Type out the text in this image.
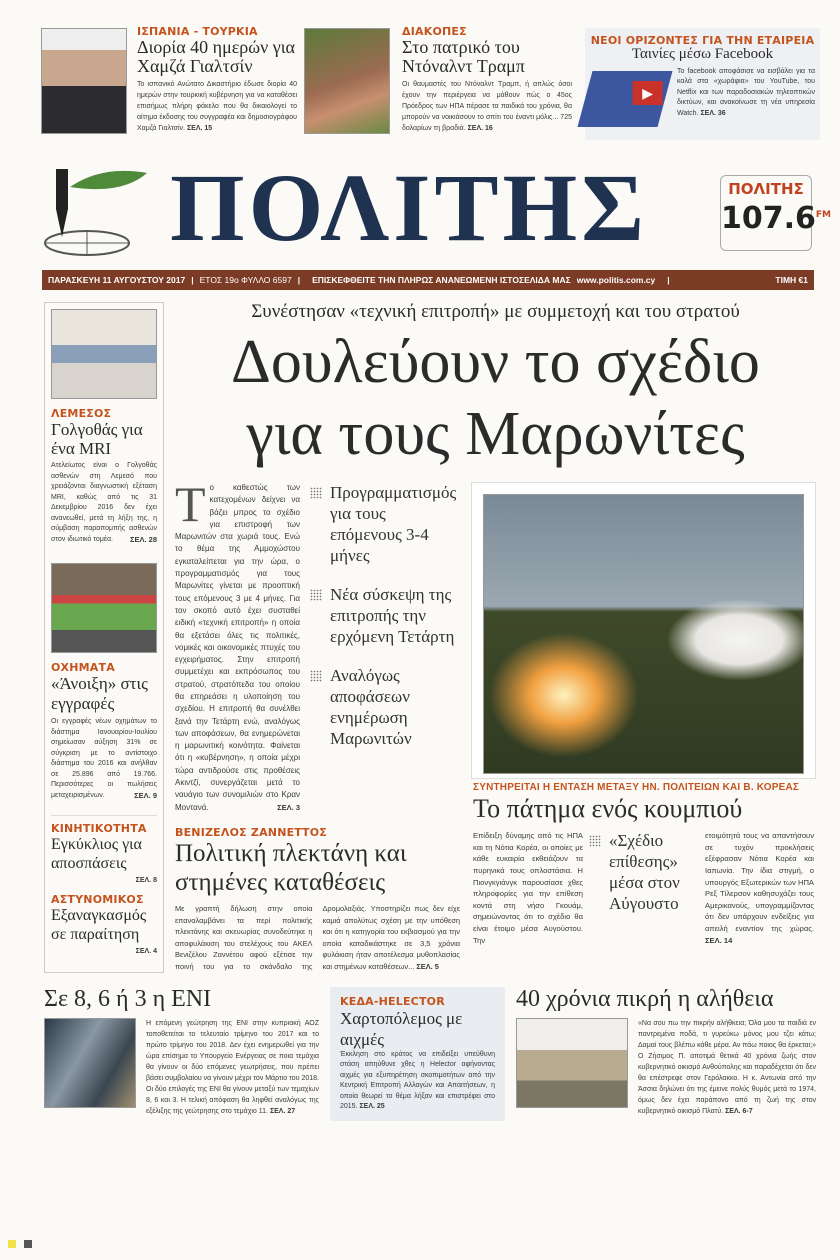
ΙΣΠΑΝΙΑ - ΤΟΥΡΚΙΑ
Διορία 40 ημερών για Χαμζά Γιαλτσίν
Το ισπανικό Ανώτατο Δικαστήριο έδωσε διορία 40 ημερών στην τουρκική κυβέρνηση για να καταθέσει επισήμως πλήρη φάκελο που θα δικαιολογεί το αίτημα έκδοσης του συγγραφέα και δημοσιογράφου Χαμζά Γιαλτσίν. ΣΕΛ. 15
ΔΙΑΚΟΠΕΣ
Στο πατρικό του Ντόναλντ Τραμπ
Οι θαυμαστές του Ντόναλντ Τραμπ, ή απλώς όσοι έχουν την περιέργεια να μάθουν πώς ο 45ος Πρόεδρος των ΗΠΑ πέρασε τα παιδικά του χρόνια, θα μπορούν να νοικιάσουν το σπίτι του έναντι μόλις... 725 δολαρίων τη βραδιά. ΣΕΛ. 16
ΝΕΟΙ ΟΡΙΖΟΝΤΕΣ ΓΙΑ ΤΗΝ ΕΤΑΙΡΕΙΑ
Ταινίες μέσω Facebook
▶
Το facebook αποφάσισε να εισβάλει για τα καλά στα «χωράφια» του YouTube, του Netflix και των παραδοσιακών τηλεοπτικών δικτύων, και ανακοίνωσε τη νέα υπηρεσία Watch. ΣΕΛ. 36
ΠΟΛΙΤΗΣ	ΠΟΛΙΤΗΣ
$107.6^{FM}$
ΠΑΡΑΣΚΕΥΗ 11 ΑΥΓΟΥΣΤΟΥ 2017 | ΕΤΟΣ 19ο ΦΥΛΛΟ 6597 | ΕΠΙΣΚΕΦΘΕΙΤΕ ΤΗΝ ΠΛΗΡΩΣ ΑΝΑΝΕΩΜΕΝΗ ΙΣΤΟΣΕΛΙΔΑ ΜΑΣ www.politis.com.cy |	ΤΙΜΗ €1
ΛΕΜΕΣΟΣ
Γολγοθάς για ένα MRI
Ατελείωτος είναι ο Γολγοθάς ασθενών στη Λεμεσό που χρειάζονται διαγνωστική εξέταση MRI, καθώς από τις 31 Δεκεμβρίου 2016 δεν έχει ανανεωθεί, μετά τη λήξη της, η σύμβαση παραπομπής ασθενών στον ιδιωτικό τομέα. ΣΕΛ. 28
ΟΧΗΜΑΤΑ
«Άνοιξη» στις εγγραφές
Οι εγγραφές νέων οχημάτων το διάστημα Ιανουαρίου-Ιουλίου σημείωσαν αύξηση 31% σε σύγκριση με το αντίστοιχο διάστημα του 2016 και ανήλθαν σε 25.896 από 19.766. Περισσότερες οι πωλήσεις μεταχειρισμένων.	ΣΕΛ. 9
ΚΙΝΗΤΙΚΟΤΗΤΑ
Εγκύκλιος για αποσπάσεις
ΣΕΛ. 8
ΑΣΤΥΝΟΜΙΚΟΣ
Εξαναγκασμός σε παραίτηση
ΣΕΛ. 4
Συνέστησαν «τεχνική επιτροπή» με συμμετοχή και του στρατού
Δουλεύουν το σχέδιο
για τους Μαρωνίτες
Το καθεστώς των κατεχομένων δείχνει να βάζει μπρος το σχέδιο για επιστροφή των Μαρωνιτών στα χωριά τους. Ενώ το θέμα της Αμμοχώστου εγκαταλείπεται για την ώρα, ο προγραμματισμός για τους Μαρωνίτες γίνεται με προοπτική τους επόμενους 3 με 4 μήνες. Για τον σκοπό αυτό έχει συσταθεί ειδική «τεχνική επιτροπή» η οποία θα εξετάσει όλες τις πολιτικές, νομικές και οικονομικές πτυχές του εγχειρήματος. Στην επιτροπή συμμετέχει και εκπρόσωπος του στρατού, στρατόπεδα του οποίου θα επηρεάσει η υλοποίηση του σχεδίου. Η επιτροπή θα συνέλθει ξανά την Τετάρτη ενώ, αναλόγως των αποφάσεων, θα ενημερώνεται η μαρωνιτική κοινότητα. Φαίνεται ότι η «κυβέρνηση», η οποία μέχρι τώρα αντιδρούσε στις προθέσεις Ακιντζί, συνεργάζεται μετά το ναυάγιο των συνομιλιών στο Κραν Μοντανά.	ΣΕΛ. 3
Προγραμματισμός για τους επόμενους 3-4 μήνες
Νέα σύσκεψη της επιτροπής την ερχόμενη Τετάρτη
Αναλόγως αποφάσεων ενημέρωση Μαρωνιτών
ΒΕΝΙΖΕΛΟΣ ΖΑΝΝΕΤΤΟΣ
Πολιτική πλεκτάνη και στημένες καταθέσεις
Με γραπτή δήλωση στην οποία επαναλαμβάνει τα περί πολιτικής πλεκτάνης και σκευωρίας συνοδεύτηκε η αποφυλάκιση του στελέχους του ΑΚΕΛ Βενιζέλου Ζαννέτου αφού εξέτισε την ποινή του για το σκάνδαλο της Δρομολαξιάς. Υποστηρίζει πως δεν είχε καμιά απολύτως σχέση με την υπόθεση και ότι η κατηγορία του εκβιασμού για την οποία καταδικάστηκε σε 3,5 χρόνια φυλάκιση ήταν αποτέλεσμα μυθοπλασίας και στημένων καταθέσεων... ΣΕΛ. 5
ΣΥΝΤΗΡΕΙΤΑΙ Η ΕΝΤΑΣΗ ΜΕΤΑΞΥ ΗΝ. ΠΟΛΙΤΕΙΩΝ ΚΑΙ Β. ΚΟΡΕΑΣ
Το πάτημα ενός κουμπιού
Επίδειξη δύναμης από τις ΗΠΑ και τη Νότια Κορέα, οι οποίες με κάθε ευκαιρία εκθειάζουν τα πυρηνικά τους οπλοστάσια. Η Πιονγκγιάνγκ παρουσίασε χθες πληροφορίες για την επίθεση κοντά στη νήσο Γκουάμ, σημειώνοντας ότι το σχέδιο θα είναι έτοιμο μέσα Αυγούστου. Την
«Σχέδιο επίθεσης» μέσα στον Αύγουστο
ετοιμότητά τους να απαντήσουν σε τυχόν προκλήσεις εξέφρασαν Νότια Κορέα και Ιαπωνία. Την ίδια στιγμή, ο υπουργός Εξωτερικών των ΗΠΑ Ρεξ Τίλερσον καθησυχάζει τους Αμερικανούς, υπογραμμίζοντας ότι δεν υπάρχουν ενδείξεις για απειλή εναντίον της χώρας. ΣΕΛ. 14
Σε 8, 6 ή 3 η ΕΝΙ
Η επόμενη γεώτρηση της ΕΝΙ στην κυπριακή ΑΟΖ τοποθετείται το τελευταίο τρίμηνο του 2017 και το πρώτο τρίμηνο του 2018. Δεν έχει ενημερωθεί για την ώρα επίσημα το Υπουργείο Ενέργειας σε ποια τεμάχια θα γίνουν οι δύο επόμενες γεωτρήσεις, που πρέπει βάσει συμβολαίου να γίνουν μέχρι τον Μάρτιο του 2018. Οι δύο επιλογές της ΕΝΙ θα γίνουν μεταξύ των τεμαχίων 8, 6 και 3. Η τελική απόφαση θα ληφθεί αναλόγως της εξέλιξης της γεώτρησης στο τεμάχιο 11. ΣΕΛ. 27
ΚΕΔΑ-HELECTOR
Χαρτοπόλεμος με αιχμές
Έκκληση στο κράτος να επιδείξει υπεύθυνη στάση απηύθυνε χθες η Helector αφήνοντας αιχμές για εξυπηρέτηση σκοπιμοτήτων από την Κεντρική Επιτροπή Αλλαγών και Απαιτήσεων, η οποία θεωρεί το θέμα λήξαν και επιστρέφει στο 2015. ΣΕΛ. 25
40 χρόνια πικρή η αλήθεια
«Να σου πω την πικρήν αλήθκεια; Όλα μου τα παιδιά εν παντρεμένα ποδά, τι γυρεύκω μόνος μου τζει κάτω; Δαμαί τους βλέπω κάθε μέρα. Αν πάω ποιος θα έρκεται;» Ο Ζήσιμος Π. αποτιμά θετικά 40 χρόνια ζωής στον κυβερνητικό οικισμό Ανθούπολης και παραδέχεται ότι δεν θα επέστρεφε στον Γερόλακκο. Η κ. Αντωνία από την Άσσια δηλώνει ότι της έμεινε πολύς θυμός μετά το 1974, όμως δεν έχει παράπονο από τη ζωή της στον κυβερνητικό οικισμό Πλατύ. ΣΕΛ. 6-7
